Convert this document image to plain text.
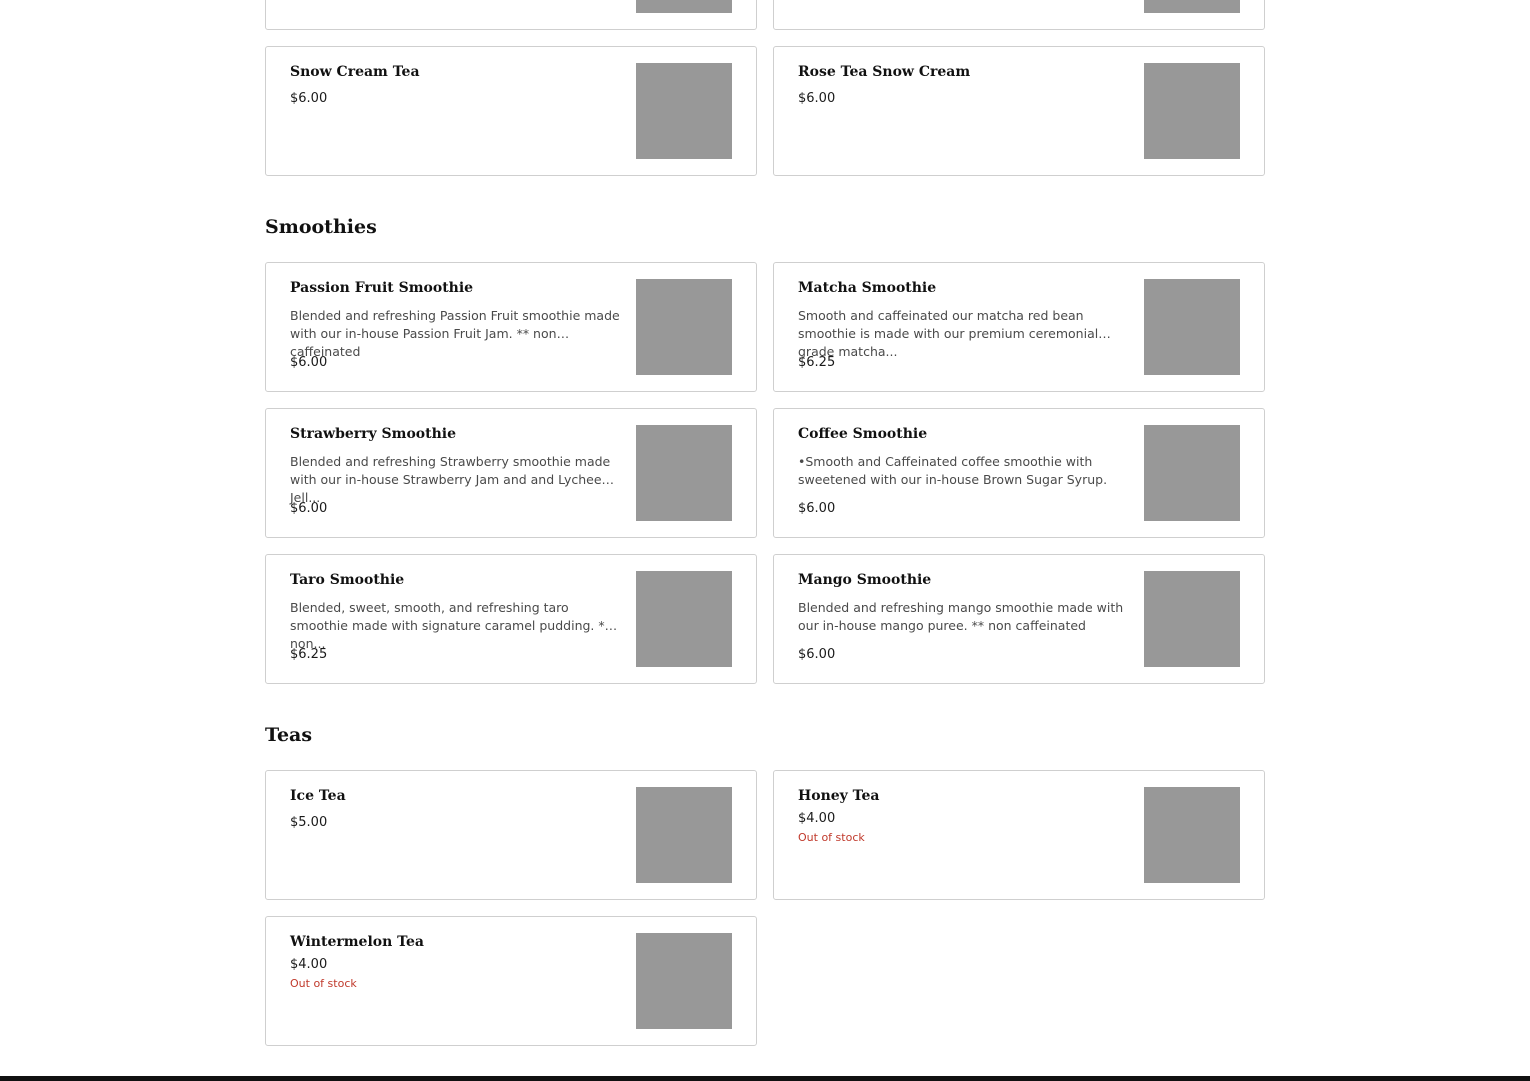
Snow Cream Tea
$6.00
Rose Tea Snow Cream
$6.00
Smoothies
Passion Fruit Smoothie
Blended and refreshing Passion Fruit smoothie made with our in-house Passion Fruit Jam. ** non caffeinated
$6.00
Matcha Smoothie
Smooth and caffeinated our matcha red bean smoothie is made with our premium ceremonial grade matcha...
$6.25
Strawberry Smoothie
Blended and refreshing Strawberry smoothie made with our in-house Strawberry Jam and and Lychee Jell...
$6.00
Coffee Smoothie
•Smooth and Caffeinated coffee smoothie with sweetened with our in-house Brown Sugar Syrup.
$6.00
Taro Smoothie
Blended, sweet, smooth, and refreshing taro smoothie made with signature caramel pudding. ** non...
$6.25
Mango Smoothie
Blended and refreshing mango smoothie made with our in-house mango puree. ** non caffeinated
$6.00
Teas
Ice Tea
$5.00
Honey Tea
$4.00
Out of stock
Wintermelon Tea
$4.00
Out of stock
